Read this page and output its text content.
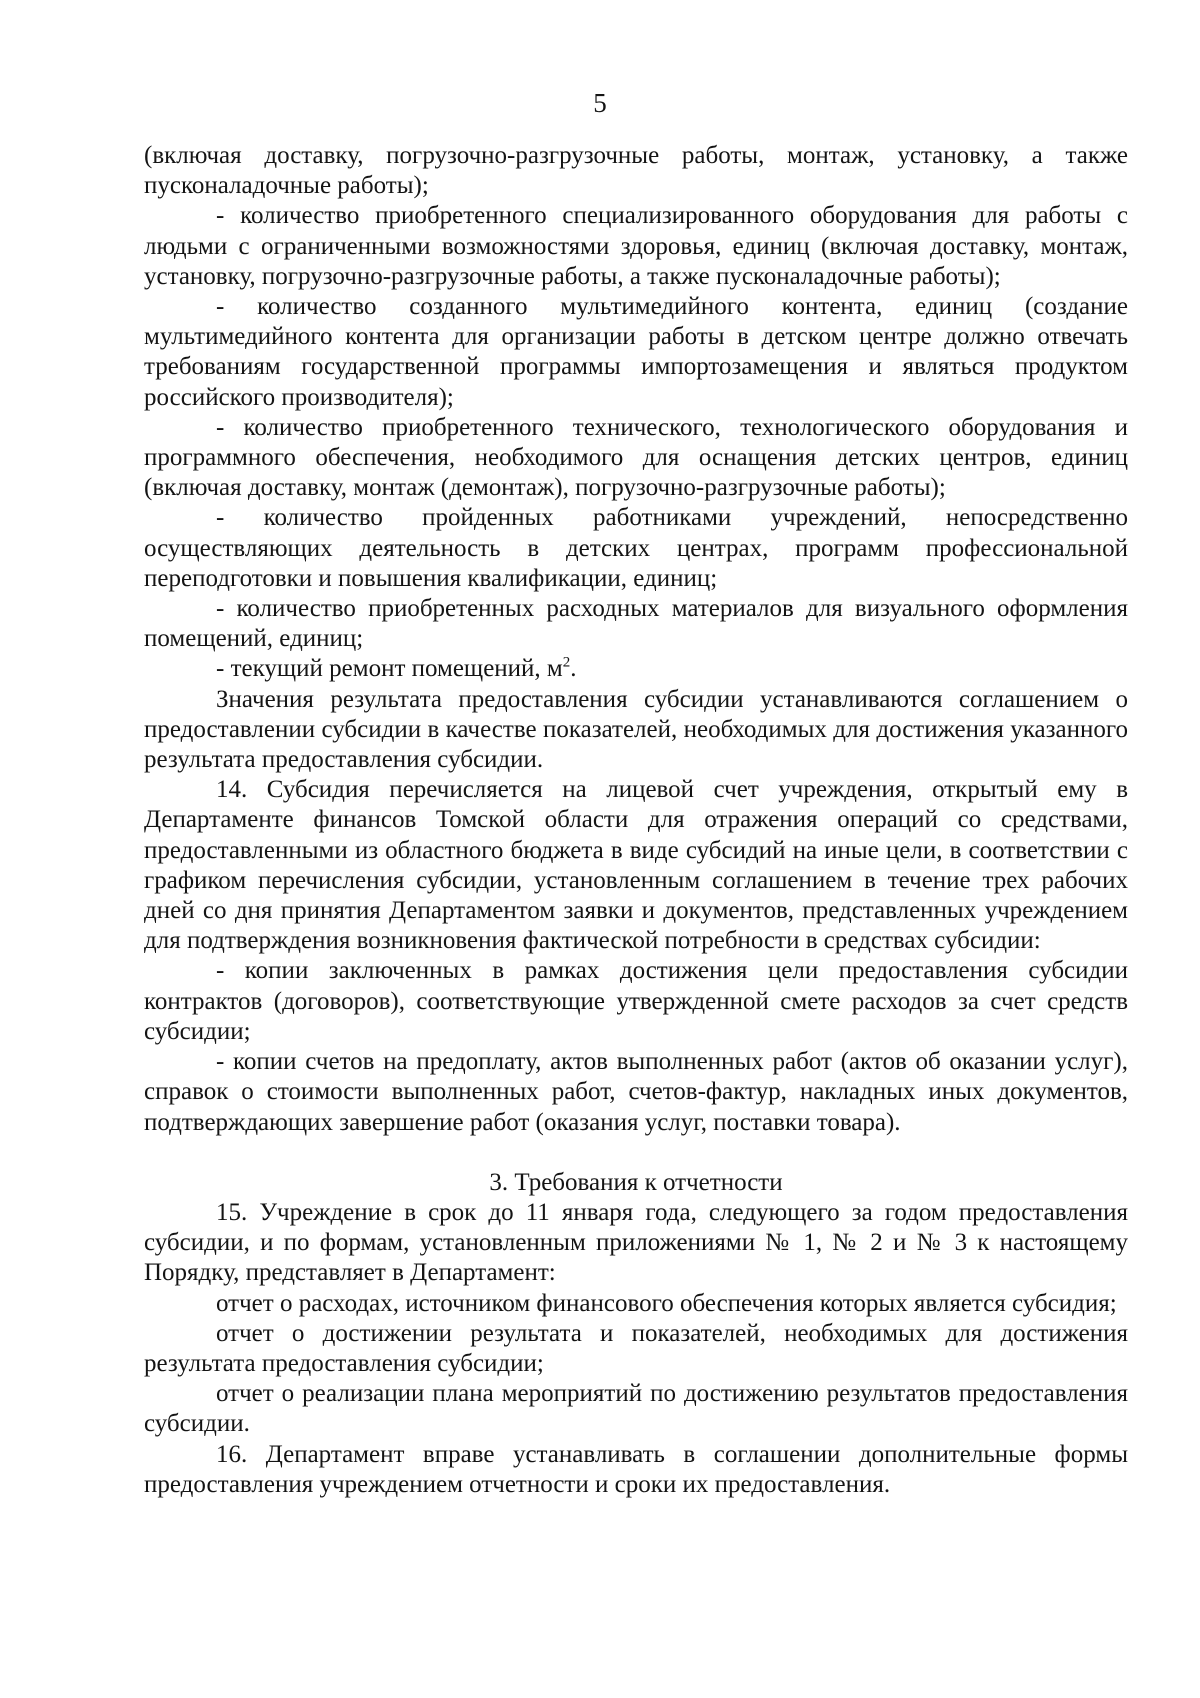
5

(включая доставку, погрузочно-разгрузочные работы, монтаж, установку, а также пусконаладочные работы);

- количество приобретенного специализированного оборудования для работы с людьми с ограниченными возможностями здоровья, единиц (включая доставку, монтаж, установку, погрузочно-разгрузочные работы, а также пусконаладочные работы);

- количество созданного мультимедийного контента, единиц (создание мультимедийного контента для организации работы в детском центре должно отвечать требованиям государственной программы импортозамещения и являться продуктом российского производителя);

- количество приобретенного технического, технологического оборудования и программного обеспечения, необходимого для оснащения детских центров, единиц (включая доставку, монтаж (демонтаж), погрузочно-разгрузочные работы);

- количество пройденных работниками учреждений, непосредственно осуществляющих деятельность в детских центрах, программ профессиональной переподготовки и повышения квалификации, единиц;

- количество приобретенных расходных материалов для визуального оформления помещений, единиц;

- текущий ремонт помещений, $м^2$.

Значения результата предоставления субсидии устанавливаются соглашением о предоставлении субсидии в качестве показателей, необходимых для достижения указанного результата предоставления субсидии.

14. Субсидия перечисляется на лицевой счет учреждения, открытый ему в Департаменте финансов Томской области для отражения операций со средствами, предоставленными из областного бюджета в виде субсидий на иные цели, в соответствии с графиком перечисления субсидии, установленным соглашением в течение трех рабочих дней со дня принятия Департаментом заявки и документов, представленных учреждением для подтверждения возникновения фактической потребности в средствах субсидии:

- копии заключенных в рамках достижения цели предоставления субсидии контрактов (договоров), соответствующие утвержденной смете расходов за счет средств субсидии;

- копии счетов на предоплату, актов выполненных работ (актов об оказании услуг), справок о стоимости выполненных работ, счетов-фактур, накладных иных документов, подтверждающих завершение работ (оказания услуг, поставки товара).

3. Требования к отчетности

15. Учреждение в срок до 11 января года, следующего за годом предоставления субсидии, и по формам, установленным приложениями № 1, № 2 и № 3 к настоящему Порядку, представляет в Департамент:

отчет о расходах, источником финансового обеспечения которых является субсидия;

отчет о достижении результата и показателей, необходимых для достижения результата предоставления субсидии;

отчет о реализации плана мероприятий по достижению результатов предоставления субсидии.

16. Департамент вправе устанавливать в соглашении дополнительные формы предоставления учреждением отчетности и сроки их предоставления.
